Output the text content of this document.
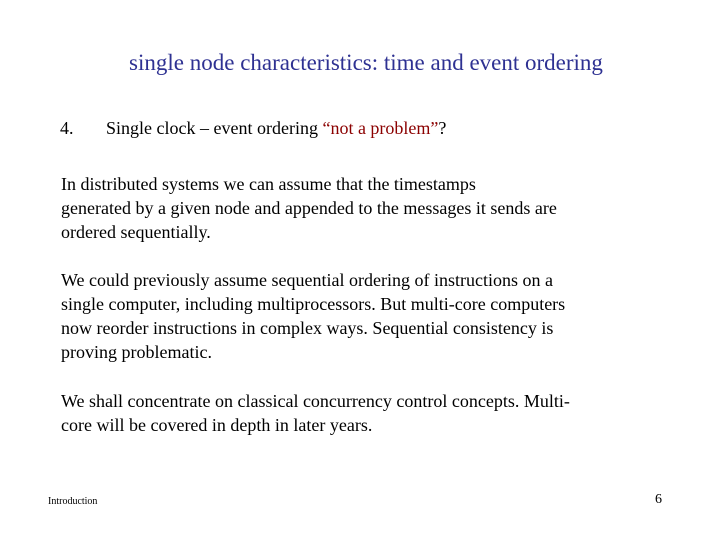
single node characteristics: time and event ordering
4. Single clock – event ordering “not a problem”?
In distributed systems we can assume that the timestamps
generated by a given node and appended to the messages it sends are
ordered sequentially.
We could previously assume sequential ordering of instructions on a
single computer, including multiprocessors. But multi-core computers
now reorder instructions in complex ways. Sequential consistency is
proving problematic.
We shall concentrate on classical concurrency control concepts. Multi-
core will be covered in depth in later years.
Introduction	6
